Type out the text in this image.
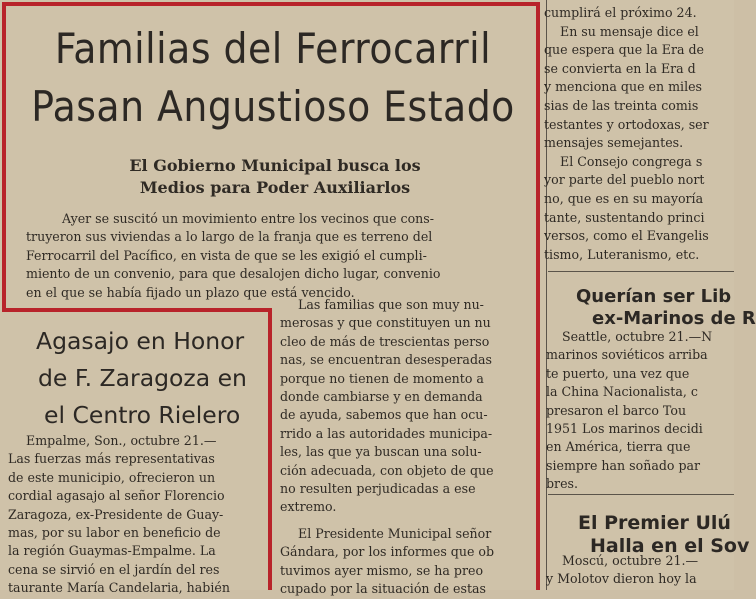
Familias del Ferrocarril
Pasan Angustioso Estado
El Gobierno Municipal busca los
Medios para Poder Auxiliarlos
Ayer se suscitó un movimiento entre los vecinos que cons-
truyeron sus viviendas a lo largo de la franja que es terreno del
Ferrocarril del Pacífico, en vista de que se les exigió el cumpli-
miento de un convenio, para que desalojen dicho lugar, convenio
en el que se había fijado un plazo que está vencido.
Las familias que son muy nu-
merosas y que constituyen un nu
cleo de más de trescientas perso
nas, se encuentran desesperadas
porque no tienen de momento a
donde cambiarse y en demanda
de ayuda, sabemos que han ocu-
rrido a las autoridades municipa-
les, las que ya buscan una solu-
ción adecuada, con objeto de que
no resulten perjudicadas a ese
extremo.
El Presidente Municipal señor
Gándara, por los informes que ob
tuvimos ayer mismo, se ha preo
cupado por la situación de estas
Agasajo en Honor
de F. Zaragoza en
el Centro Rielero
Empalme, Son., octubre 21.—
Las fuerzas más representativas
de este municipio, ofrecieron un
cordial agasajo al señor Florencio
Zaragoza, ex-Presidente de Guay-
mas, por su labor en beneficio de
la región Guaymas-Empalme. La
cena se sirvió en el jardín del res
taurante María Candelaria, habién
cumplirá el próximo 24.
En su mensaje dice el
que espera que la Era de
se convierta en la Era d
y menciona que en miles
sias de las treinta comis
testantes y ortodoxas, ser
mensajes semejantes.
El Consejo congrega s
yor parte del pueblo nort
no, que es en su mayoría
tante, sustentando princi
versos, como el Evangelis
tismo, Luteranismo, etc.
Querían ser Lib
ex-Marinos de R
Seattle, octubre 21.—N
marinos soviéticos arriba
te puerto, una vez que
la China Nacionalista, c
presaron el barco Tou
1951 Los marinos decidi
en América, tierra que
siempre han soñado par
bres.
El Premier Ulú
Halla en el Sov
Moscú, octubre 21.—
y Molotov dieron hoy la
